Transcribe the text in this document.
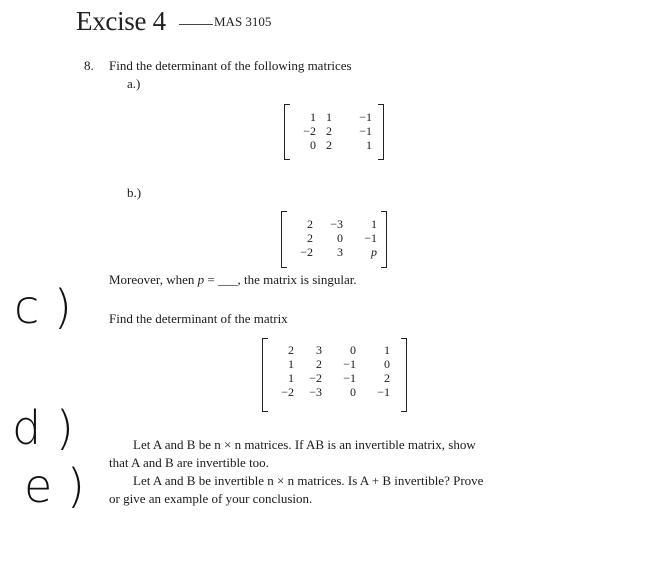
Excise 4	MAS 3105
8. Find the determinant of the following matrices
a.)
1	1	−1
−2	2	−1
0	2	1
b.)
2	−3	1
2	0	−1
−2	3	p
Moreover, when p = ___, the matrix is singular.
c )	Find the determinant of the matrix
2	3	0	1
1	2	−1	0
1	−2	−1	2
−2	−3	0	−1
d )	Let A and B be n × n matrices. If AB is an invertible matrix, show
that A and B are invertible too.
e )	Let A and B be invertible n × n matrices. Is A + B invertible? Prove
or give an example of your conclusion.
